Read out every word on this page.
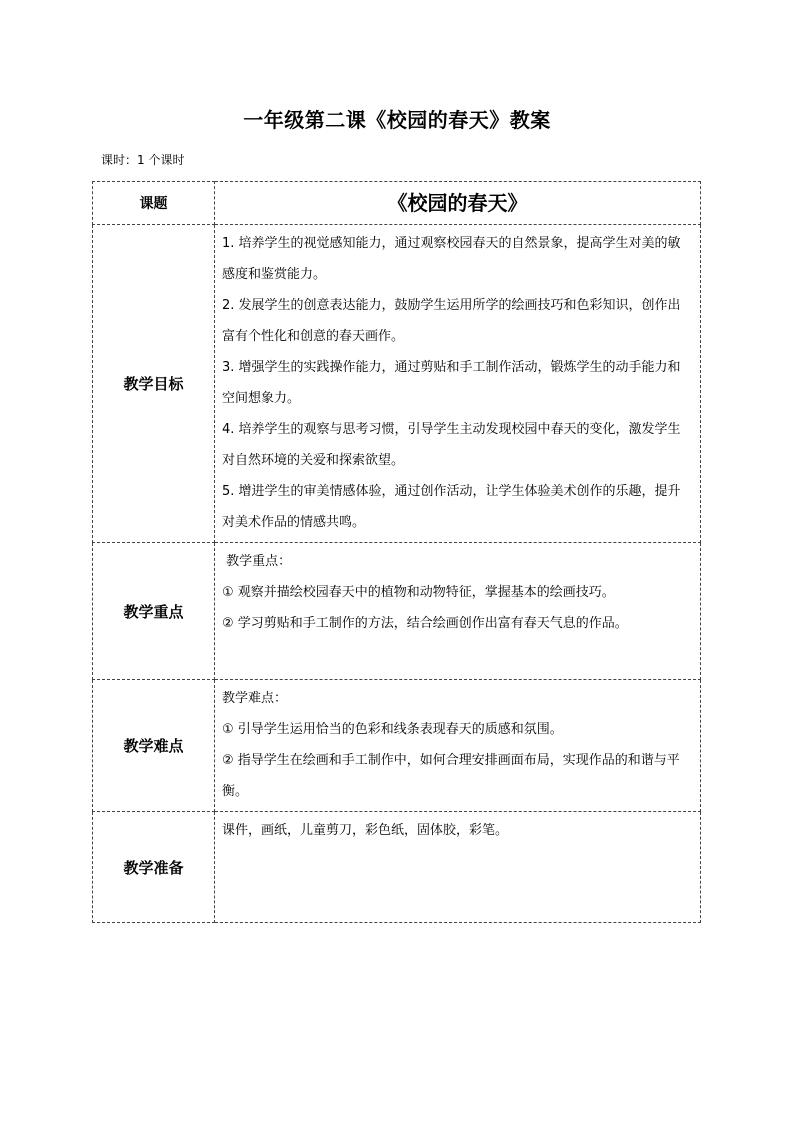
一年级第二课《校园的春天》教案
课时：1 个课时
课题	《校园的春天》
教学目标	1. 培养学生的视觉感知能力，通过观察校园春天的自然景象，提高学生对美的敏感度和鉴赏能力。

2. 发展学生的创意表达能力，鼓励学生运用所学的绘画技巧和色彩知识，创作出富有个性化和创意的春天画作。

3. 增强学生的实践操作能力，通过剪贴和手工制作活动，锻炼学生的动手能力和空间想象力。

4. 培养学生的观察与思考习惯，引导学生主动发现校园中春天的变化，激发学生对自然环境的关爱和探索欲望。

5. 增进学生的审美情感体验，通过创作活动，让学生体验美术创作的乐趣，提升对美术作品的情感共鸣。

教学重点	教学重点：

① 观察并描绘校园春天中的植物和动物特征，掌握基本的绘画技巧。

② 学习剪贴和手工制作的方法，结合绘画创作出富有春天气息的作品。

教学难点	教学难点：

① 引导学生运用恰当的色彩和线条表现春天的质感和氛围。

② 指导学生在绘画和手工制作中，如何合理安排画面布局，实现作品的和谐与平衡。

教学准备	课件，画纸，儿童剪刀，彩色纸，固体胶，彩笔。
